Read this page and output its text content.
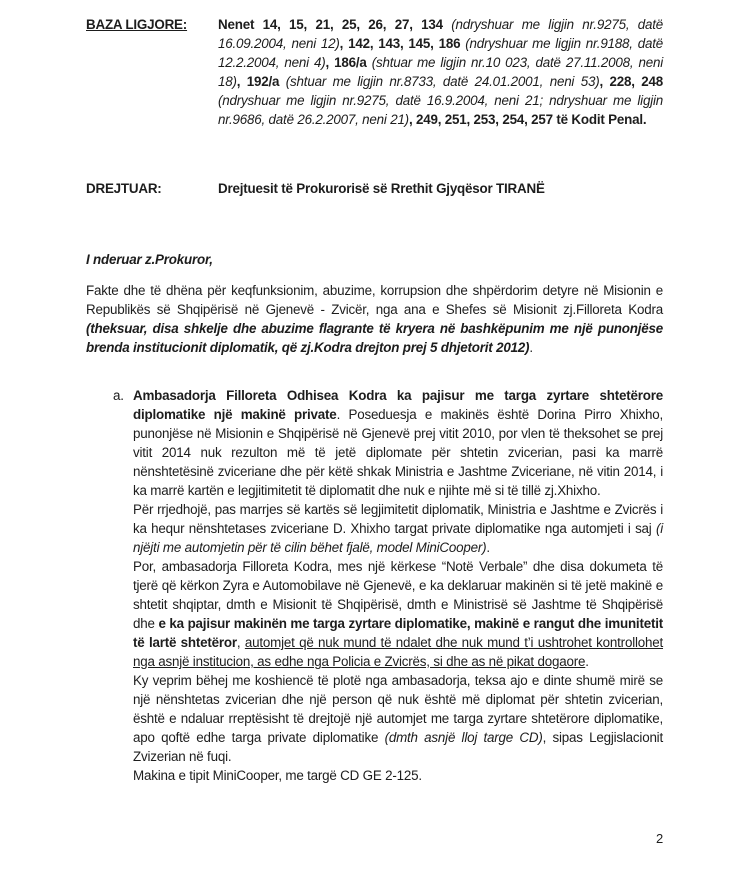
BAZA LIGJORE:	Nenet 14, 15, 21, 25, 26, 27, 134 (ndryshuar me ligjin nr.9275, datë 16.09.2004, neni 12), 142, 143, 145, 186 (ndryshuar me ligjin nr.9188, datë 12.2.2004, neni 4), 186/a (shtuar me ligjin nr.10 023, datë 27.11.2008, neni 18), 192/a (shtuar me ligjin nr.8733, datë 24.01.2001, neni 53), 228, 248 (ndryshuar me ligjin nr.9275, datë 16.9.2004, neni 21; ndryshuar me ligjin nr.9686, datë 26.2.2007, neni 21), 249, 251, 253, 254, 257 të Kodit Penal.
DREJTUAR:	Drejtuesit të Prokurorisë së Rrethit Gjyqësor TIRANË
I nderuar z.Prokuror,
Fakte dhe të dhëna për keqfunksionim, abuzime, korrupsion dhe shpërdorim detyre në Misionin e Republikës së Shqipërisë në Gjenevë - Zvicër, nga ana e Shefes së Misionit zj.Filloreta Kodra (theksuar, disa shkelje dhe abuzime flagrante të kryera në bashkëpunim me një punonjëse brenda institucionit diplomatik, që zj.Kodra drejton prej 5 dhjetorit 2012).
a. Ambasadorja Filloreta Odhisea Kodra ka pajisur me targa zyrtare shtetërore diplomatike një makinë private. Poseduesja e makinës është Dorina Pirro Xhixho, punonjëse në Misionin e Shqipërisë në Gjenevë prej vitit 2010, por vlen të theksohet se prej vitit 2014 nuk rezulton më të jetë diplomate për shtetin zvicerian, pasi ka marrë nënshtetësinë zviceriane dhe për këtë shkak Ministria e Jashtme Zviceriane, në vitin 2014, i ka marrë kartën e legjitimitetit të diplomatit dhe nuk e njihte më si të tillë zj.Xhixho.
Për rrjedhojë, pas marrjes së kartës së legjimitetit diplomatik, Ministria e Jashtme e Zvicrës i ka hequr nënshtetases zviceriane D. Xhixho targat private diplomatike nga automjeti i saj (i njëjti me automjetin për të cilin bëhet fjalë, model MiniCooper).
Por, ambasadorja Filloreta Kodra, mes një kërkese “Notë Verbale” dhe disa dokumeta të tjerë që kërkon Zyra e Automobilave në Gjenevë, e ka deklaruar makinën si të jetë makinë e shtetit shqiptar, dmth e Misionit të Shqipërisë, dmth e Ministrisë së Jashtme të Shqipërisë dhe e ka pajisur makinën me targa zyrtare diplomatike, makinë e rangut dhe imunitetit të lartë shtetëror, automjet që nuk mund të ndalet dhe nuk mund t’i ushtrohet kontrollohet nga asnjë institucion, as edhe nga Policia e Zvicrës, si dhe as në pikat dogaore.
Ky veprim bëhej me koshiencë të plotë nga ambasadorja, teksa ajo e dinte shumë mirë se një nënshtetas zvicerian dhe një person që nuk është më diplomat për shtetin zvicerian, është e ndaluar rreptësisht të drejtojë një automjet me targa zyrtare shtetërore diplomatike, apo qoftë edhe targa private diplomatike (dmth asnjë lloj targe CD), sipas Legjislacionit Zvizerian në fuqi.
Makina e tipit MiniCooper, me targë CD GE 2-125.
2
